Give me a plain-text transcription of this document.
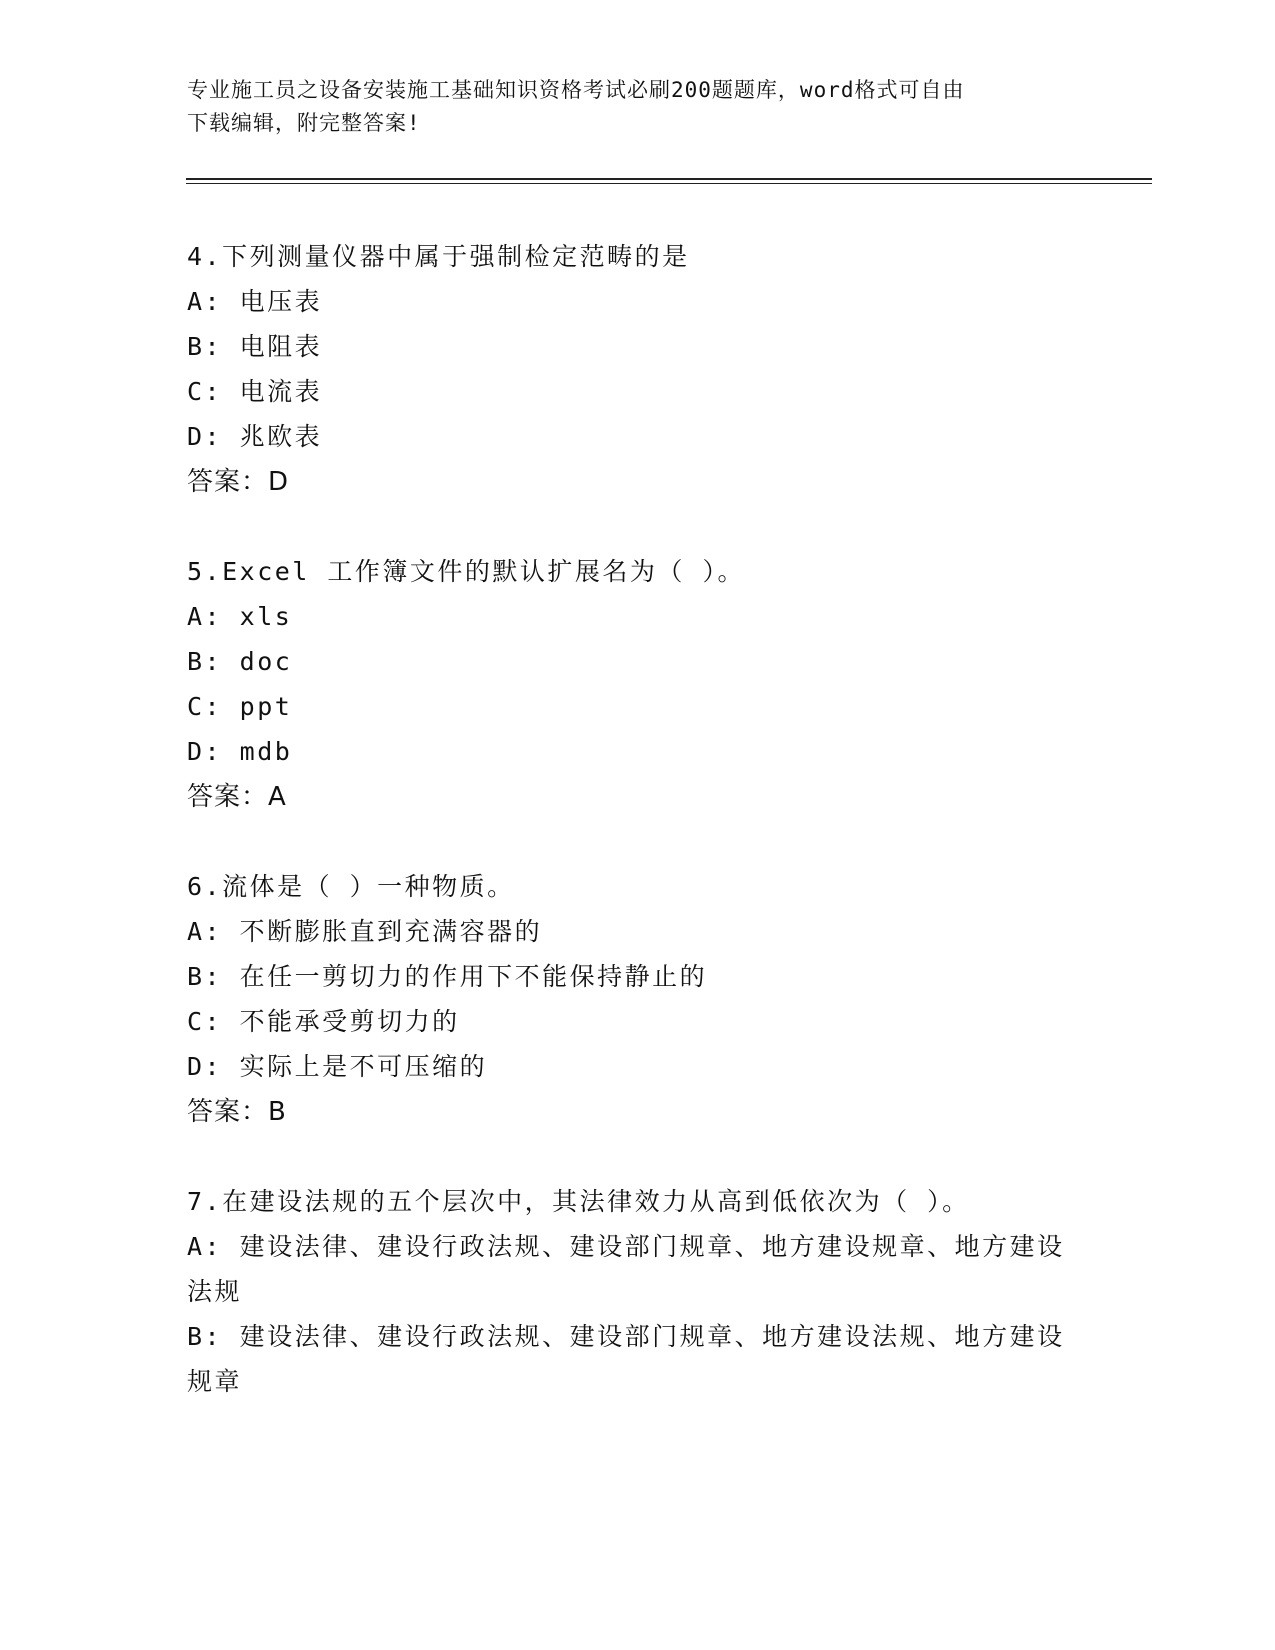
专业施工员之设备安装施工基础知识资格考试必刷200题题库，word格式可自由
下载编辑，附完整答案!
4.下列测量仪器中属于强制检定范畴的是
A: 电压表
B: 电阻表
C: 电流表
D: 兆欧表
答案：D
5.Excel 工作簿文件的默认扩展名为（ ）。
A: xls
B: doc
C: ppt
D: mdb
答案：A
6.流体是（ ）一种物质。
A: 不断膨胀直到充满容器的
B: 在任一剪切力的作用下不能保持静止的
C: 不能承受剪切力的
D: 实际上是不可压缩的
答案：B
7.在建设法规的五个层次中，其法律效力从高到低依次为（ ）。
A: 建设法律、建设行政法规、建设部门规章、地方建设规章、地方建设法规
B: 建设法律、建设行政法规、建设部门规章、地方建设法规、地方建设规章
